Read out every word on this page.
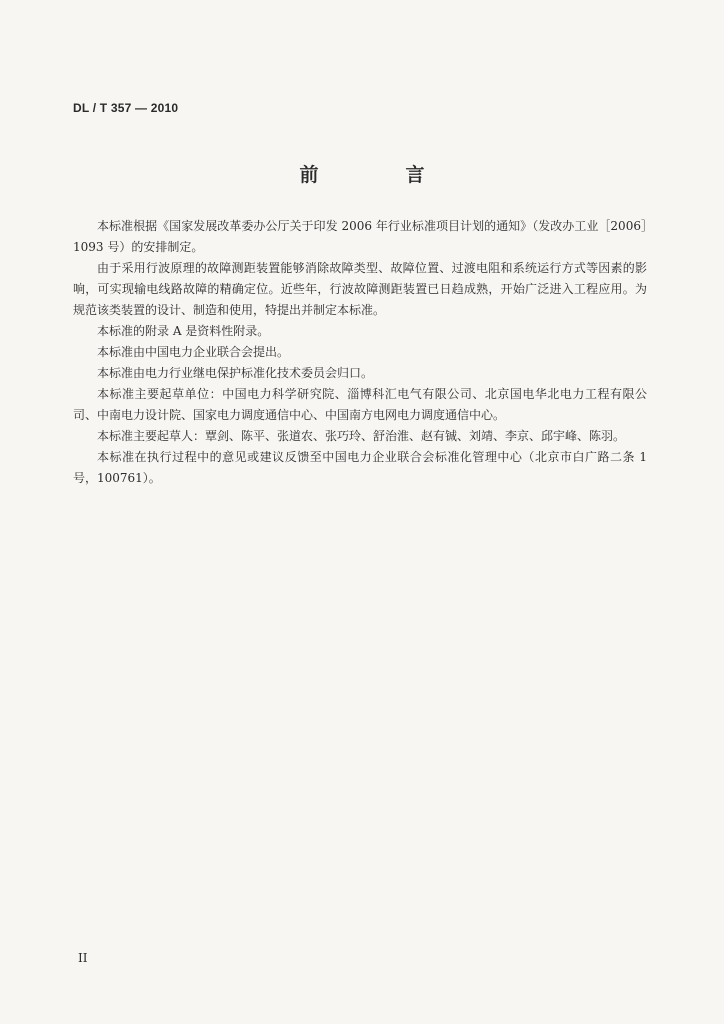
DL / T 357 — 2010
前　言

本标准根据《国家发展改革委办公厅关于印发 2006 年行业标准项目计划的通知》（发改办工业［2006］1093 号）的安排制定。

由于采用行波原理的故障测距装置能够消除故障类型、故障位置、过渡电阻和系统运行方式等因素的影响，可实现输电线路故障的精确定位。近些年，行波故障测距装置已日趋成熟，开始广泛进入工程应用。为规范该类装置的设计、制造和使用，特提出并制定本标准。

本标准的附录 A 是资料性附录。

本标准由中国电力企业联合会提出。

本标准由电力行业继电保护标准化技术委员会归口。

本标准主要起草单位：中国电力科学研究院、淄博科汇电气有限公司、北京国电华北电力工程有限公司、中南电力设计院、国家电力调度通信中心、中国南方电网电力调度通信中心。

本标准主要起草人：覃剑、陈平、张道农、张巧玲、舒治淮、赵有铖、刘靖、李京、邱宇峰、陈羽。

本标准在执行过程中的意见或建议反馈至中国电力企业联合会标准化管理中心（北京市白广路二条 1 号，100761）。

II
